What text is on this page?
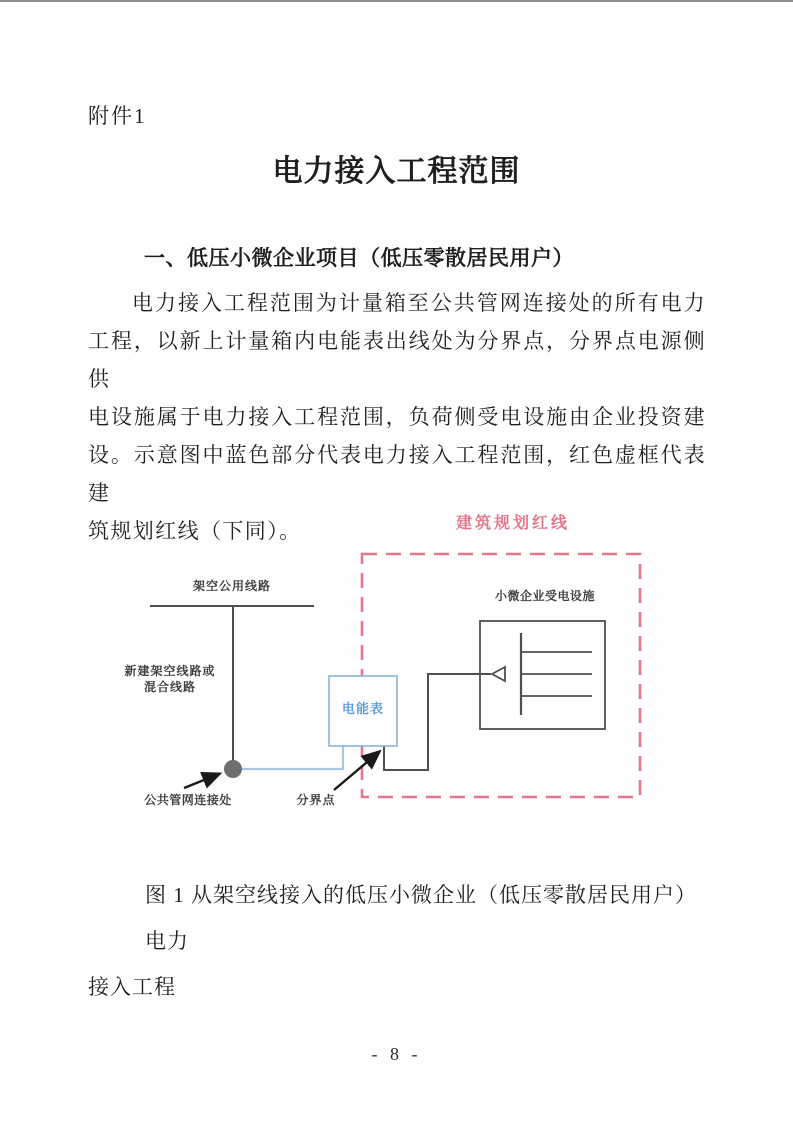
附件1
电力接入工程范围
一、低压小微企业项目（低压零散居民用户）
电力接入工程范围为计量箱至公共管网连接处的所有电力
工程，以新上计量箱内电能表出线处为分界点，分界点电源侧供
电设施属于电力接入工程范围，负荷侧受电设施由企业投资建
设。示意图中蓝色部分代表电力接入工程范围，红色虚框代表建
筑规划红线（下同）。	建筑规划红线
架空公用线路
新建架空线路或
混合线路
小微企业受电设施
电能表
公共管网连接处	分界点
图 1 从架空线接入的低压小微企业（低压零散居民用户）电力
接入工程
- 8 -
